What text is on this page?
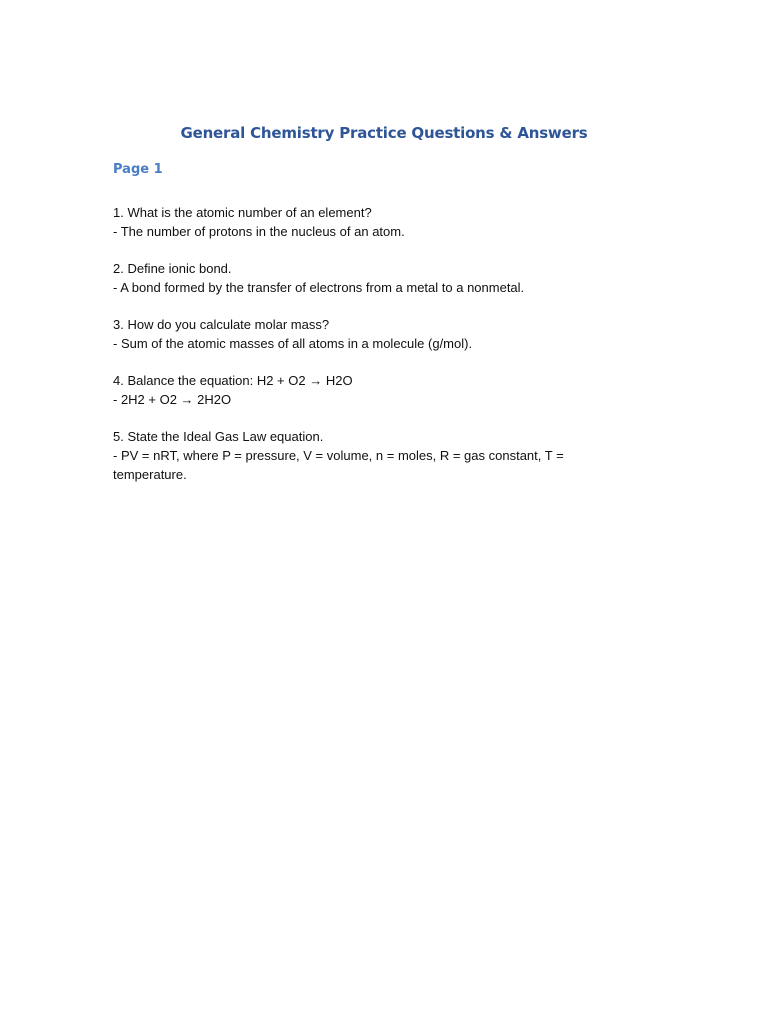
General Chemistry Practice Questions & Answers
Page 1
1. What is the atomic number of an element?
- The number of protons in the nucleus of an atom.
2. Define ionic bond.
- A bond formed by the transfer of electrons from a metal to a nonmetal.
3. How do you calculate molar mass?
- Sum of the atomic masses of all atoms in a molecule (g/mol).
4. Balance the equation: H2 + O2 → H2O
- 2H2 + O2 → 2H2O
5. State the Ideal Gas Law equation.
- PV = nRT, where P = pressure, V = volume, n = moles, R = gas constant, T = temperature.
